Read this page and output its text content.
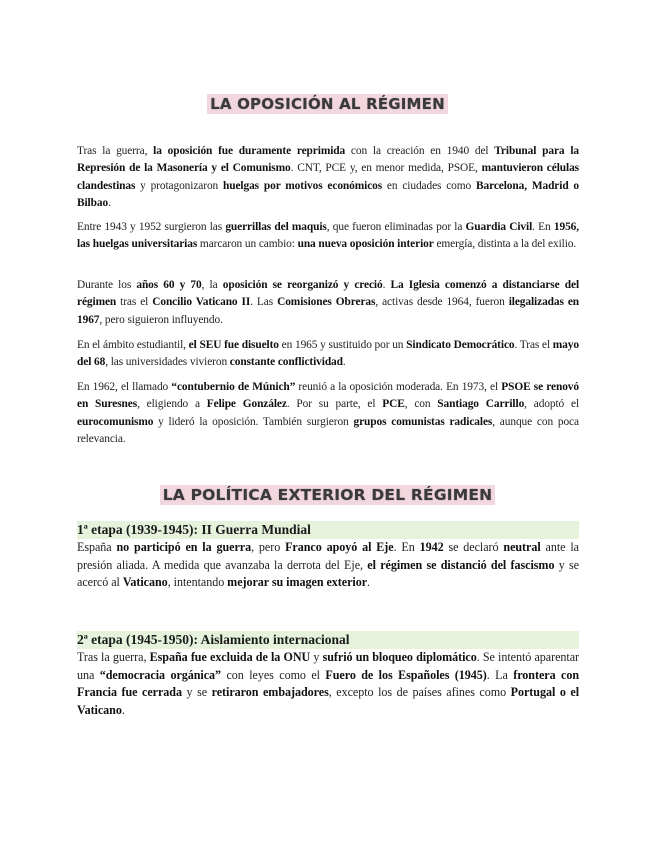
LA OPOSICIÓN AL RÉGIMEN

Tras la guerra, la oposición fue duramente reprimida con la creación en 1940 del Tribunal para la Represión de la Masonería y el Comunismo. CNT, PCE y, en menor medida, PSOE, mantuvieron células clandestinas y protagonizaron huelgas por motivos económicos en ciudades como Barcelona, Madrid o Bilbao.

Entre 1943 y 1952 surgieron las guerrillas del maquis, que fueron eliminadas por la Guardia Civil. En 1956, las huelgas universitarias marcaron un cambio: una nueva oposición interior emergía, distinta a la del exilio.

Durante los años 60 y 70, la oposición se reorganizó y creció. La Iglesia comenzó a distanciarse del régimen tras el Concilio Vaticano II. Las Comisiones Obreras, activas desde 1964, fueron ilegalizadas en 1967, pero siguieron influyendo.

En el ámbito estudiantil, el SEU fue disuelto en 1965 y sustituido por un Sindicato Democrático. Tras el mayo del 68, las universidades vivieron constante conflictividad.

En 1962, el llamado “contubernio de Múnich” reunió a la oposición moderada. En 1973, el PSOE se renovó en Suresnes, eligiendo a Felipe González. Por su parte, el PCE, con Santiago Carrillo, adoptó el eurocomunismo y lideró la oposición. También surgieron grupos comunistas radicales, aunque con poca relevancia.

LA POLÍTICA EXTERIOR DEL RÉGIMEN
1ª etapa (1939-1945): II Guerra Mundial

España no participó en la guerra, pero Franco apoyó al Eje. En 1942 se declaró neutral ante la presión aliada. A medida que avanzaba la derrota del Eje, el régimen se distanció del fascismo y se acercó al Vaticano, intentando mejorar su imagen exterior.

2ª etapa (1945-1950): Aislamiento internacional

Tras la guerra, España fue excluida de la ONU y sufrió un bloqueo diplomático. Se intentó aparentar una “democracia orgánica” con leyes como el Fuero de los Españoles (1945). La frontera con Francia fue cerrada y se retiraron embajadores, excepto los de países afines como Portugal o el Vaticano.
